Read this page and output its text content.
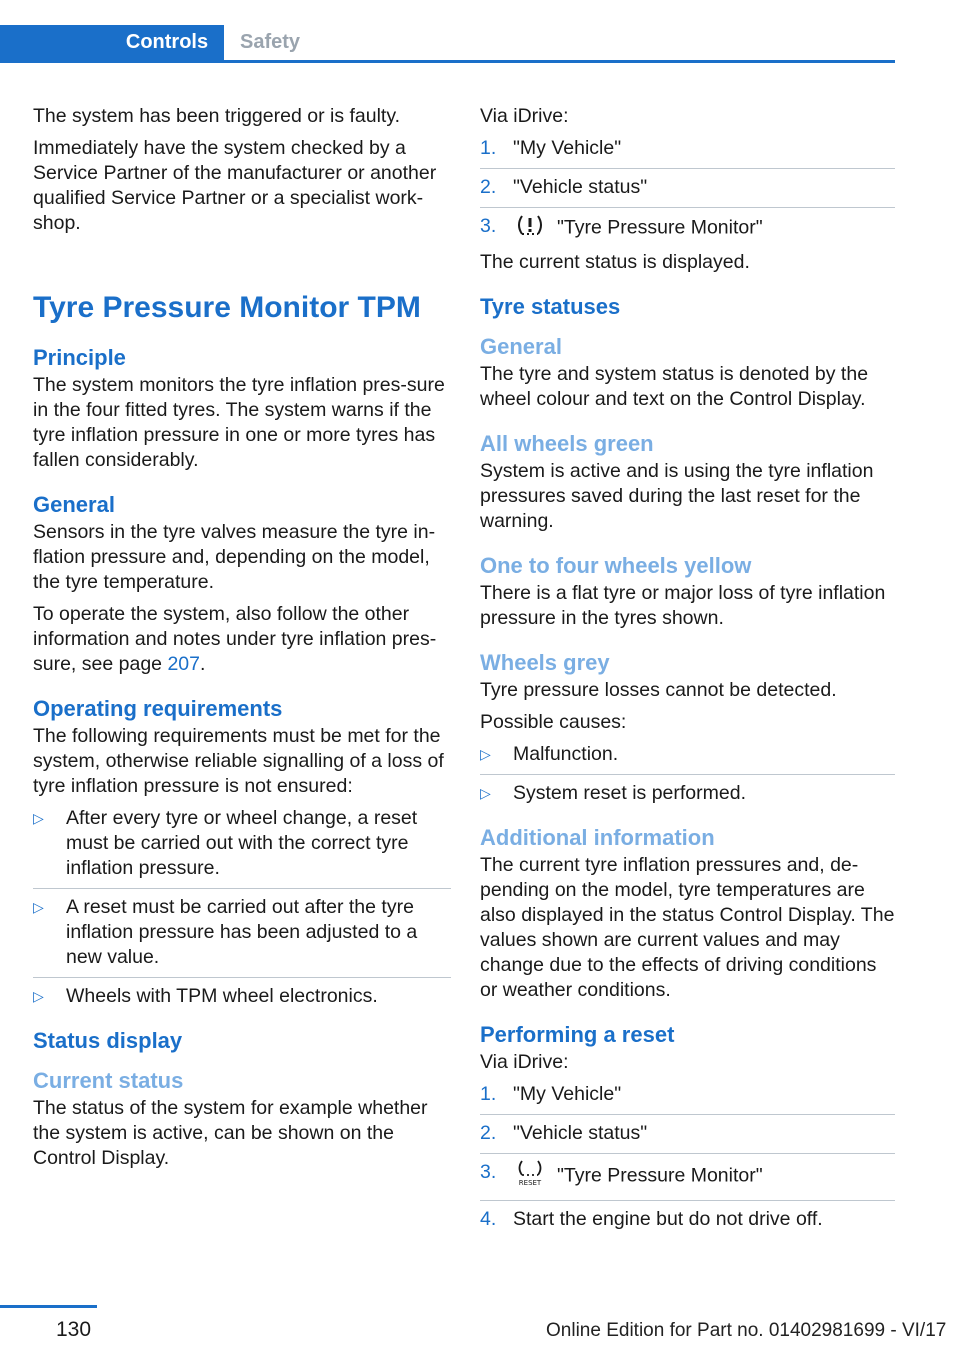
Controls Safety

The system has been triggered or is faulty.

Immediately have the system checked by a Service Partner of the manufacturer or another qualified Service Partner or a specialist work‐shop.

Tyre Pressure Monitor TPM
Principle

The system monitors the tyre inflation pres‐sure in the four fitted tyres. The system warns if the tyre inflation pressure in one or more tyres has fallen considerably.

General

Sensors in the tyre valves measure the tyre in‐flation pressure and, depending on the model, the tyre temperature.

To operate the system, also follow the other information and notes under tyre inflation pres‐sure, see page 207.

Operating requirements

The following requirements must be met for the system, otherwise reliable signalling of a loss of tyre inflation pressure is not ensured:

▷ After every tyre or wheel change, a reset must be carried out with the correct tyre inflation pressure.
▷ A reset must be carried out after the tyre inflation pressure has been adjusted to a new value.
▷ Wheels with TPM wheel electronics.
Status display
Current status

The status of the system for example whether the system is active, can be shown on the Control Display.

Via iDrive:

1. "My Vehicle"
2. "Vehicle status"
3.	"Tyre Pressure Monitor"

The current status is displayed.

Tyre statuses
General

The tyre and system status is denoted by the wheel colour and text on the Control Display.

All wheels green

System is active and is using the tyre inflation pressures saved during the last reset for the warning.

One to four wheels yellow

There is a flat tyre or major loss of tyre inflation pressure in the tyres shown.

Wheels grey

Tyre pressure losses cannot be detected.

Possible causes:

▷ Malfunction.
▷ System reset is performed.
Additional information

The current tyre inflation pressures and, de‐pending on the model, tyre temperatures are also displayed in the status Control Display. The values shown are current values and may change due to the effects of driving conditions or weather conditions.

Performing a reset

Via iDrive:

1. "My Vehicle"
2. "Vehicle status"
3.	RESET "Tyre Pressure Monitor"
4. Start the engine but do not drive off.
130	Online Edition for Part no. 01402981699 - VI/17
